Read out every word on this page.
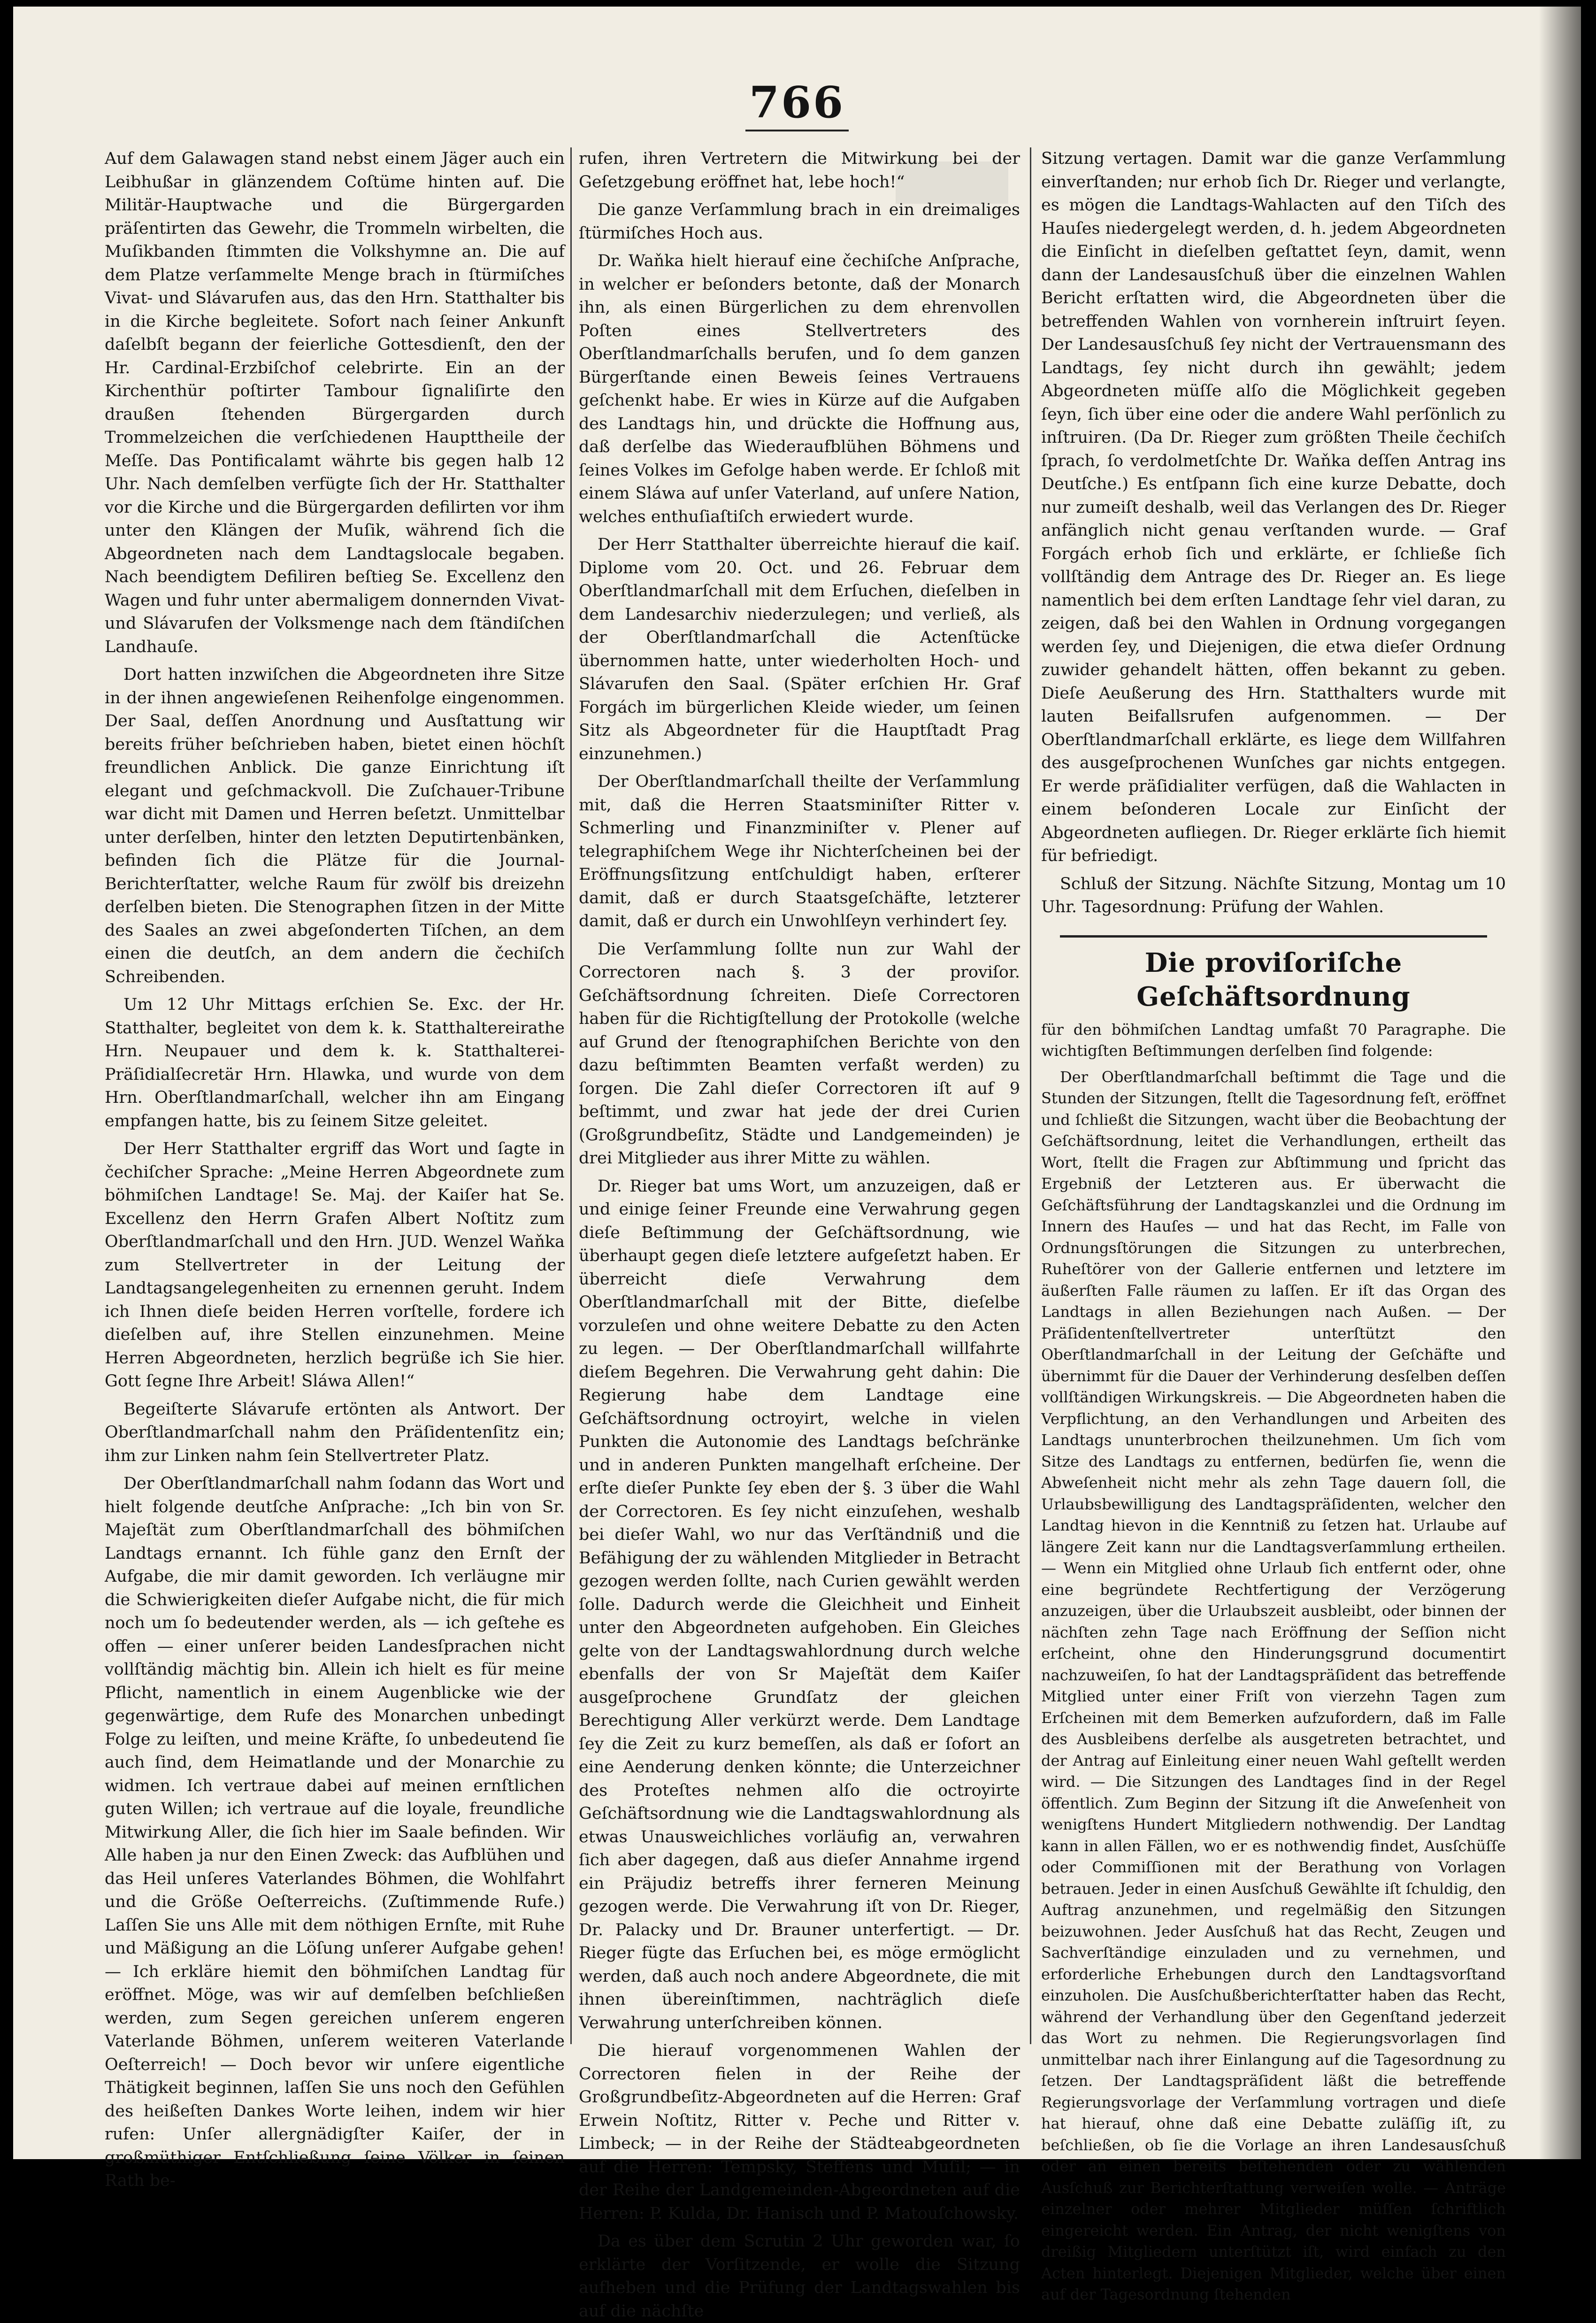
766

Auf dem Galawagen stand nebst einem Jäger auch ein Leibhußar in glänzendem Coſtüme hinten auf. Die Militär-Hauptwache und die Bürgergarden präſentirten das Gewehr, die Trommeln wirbelten, die Muſikbanden ſtimmten die Volkshymne an. Die auf dem Platze verſammelte Menge brach in ſtürmiſches Vivat- und Slávarufen aus, das den Hrn. Statthalter bis in die Kirche begleitete. Sofort nach ſeiner Ankunft daſelbſt begann der feierliche Gottesdienſt, den der Hr. Cardinal-Erzbiſchof celebrirte. Ein an der Kirchenthür poſtirter Tambour ſignaliſirte den draußen ſtehenden Bürgergarden durch Trommelzeichen die verſchiedenen Haupttheile der Meſſe. Das Pontificalamt währte bis gegen halb 12 Uhr. Nach demſelben verfügte ſich der Hr. Statthalter vor die Kirche und die Bürgergarden defilirten vor ihm unter den Klängen der Muſik, während ſich die Abgeordneten nach dem Landtagslocale begaben. Nach beendigtem Defiliren beſtieg Se. Excellenz den Wagen und fuhr unter abermaligem donnernden Vivat- und Slávarufen der Volksmenge nach dem ſtändiſchen Landhauſe.

Dort hatten inzwiſchen die Abgeordneten ihre Sitze in der ihnen angewieſenen Reihenfolge eingenommen. Der Saal, deſſen Anordnung und Ausſtattung wir bereits früher beſchrieben haben, bietet einen höchſt freundlichen Anblick. Die ganze Einrichtung iſt elegant und geſchmackvoll. Die Zuſchauer-Tribune war dicht mit Damen und Herren beſetzt. Unmittelbar unter derſelben, hinter den letzten Deputirtenbänken, befinden ſich die Plätze für die Journal-Berichterſtatter, welche Raum für zwölf bis dreizehn derſelben bieten. Die Stenographen ſitzen in der Mitte des Saales an zwei abgeſonderten Tiſchen, an dem einen die deutſch, an dem andern die čechiſch Schreibenden.

Um 12 Uhr Mittags erſchien Se. Exc. der Hr. Statthalter, begleitet von dem k. k. Statthaltereirathe Hrn. Neupauer und dem k. k. Statthalterei-Präſidialſecretär Hrn. Hlawka, und wurde von dem Hrn. Oberſtlandmarſchall, welcher ihn am Eingang empfangen hatte, bis zu ſeinem Sitze geleitet.

Der Herr Statthalter ergriff das Wort und ſagte in čechiſcher Sprache: „Meine Herren Abgeordnete zum böhmiſchen Landtage! Se. Maj. der Kaiſer hat Se. Excellenz den Herrn Grafen Albert Noſtitz zum Oberſtlandmarſchall und den Hrn. JUD. Wenzel Waňka zum Stellvertreter in der Leitung der Landtagsangelegenheiten zu ernennen geruht. Indem ich Ihnen dieſe beiden Herren vorſtelle, fordere ich dieſelben auf, ihre Stellen einzunehmen. Meine Herren Abgeordneten, herzlich begrüße ich Sie hier. Gott ſegne Ihre Arbeit! Sláwa Allen!“

Begeiſterte Slávarufe ertönten als Antwort. Der Oberſtlandmarſchall nahm den Präſidentenſitz ein; ihm zur Linken nahm ſein Stellvertreter Platz.

Der Oberſtlandmarſchall nahm ſodann das Wort und hielt folgende deutſche Anſprache: „Ich bin von Sr. Majeſtät zum Oberſtlandmarſchall des böhmiſchen Landtags ernannt. Ich fühle ganz den Ernſt der Aufgabe, die mir damit geworden. Ich verläugne mir die Schwierigkeiten dieſer Aufgabe nicht, die für mich noch um ſo bedeutender werden, als — ich geſtehe es offen — einer unſerer beiden Landesſprachen nicht vollſtändig mächtig bin. Allein ich hielt es für meine Pflicht, namentlich in einem Augenblicke wie der gegenwärtige, dem Rufe des Monarchen unbedingt Folge zu leiſten, und meine Kräfte, ſo unbedeutend ſie auch ſind, dem Heimatlande und der Monarchie zu widmen. Ich vertraue dabei auf meinen ernſtlichen guten Willen; ich vertraue auf die loyale, freundliche Mitwirkung Aller, die ſich hier im Saale befinden. Wir Alle haben ja nur den Einen Zweck: das Aufblühen und das Heil unſeres Vaterlandes Böhmen, die Wohlfahrt und die Größe Oeſterreichs. (Zuſtimmende Rufe.) Laſſen Sie uns Alle mit dem nöthigen Ernſte, mit Ruhe und Mäßigung an die Löſung unſerer Aufgabe gehen! — Ich erkläre hiemit den böhmiſchen Landtag für eröffnet. Möge, was wir auf demſelben beſchließen werden, zum Segen gereichen unſerem engeren Vaterlande Böhmen, unſerem weiteren Vaterlande Oeſterreich! — Doch bevor wir unſere eigentliche Thätigkeit beginnen, laſſen Sie uns noch den Gefühlen des heißeſten Dankes Worte leihen, indem wir hier rufen: Unſer allergnädigſter Kaiſer, der in großmüthiger Entſchließung ſeine Völker in ſeinen Rath be-

rufen, ihren Vertretern die Mitwirkung bei der Geſetzgebung eröffnet hat, lebe hoch!“

Die ganze Verſammlung brach in ein dreimaliges ſtürmiſches Hoch aus.

Dr. Waňka hielt hierauf eine čechiſche Anſprache, in welcher er beſonders betonte, daß der Monarch ihn, als einen Bürgerlichen zu dem ehrenvollen Poſten eines Stellvertreters des Oberſtlandmarſchalls berufen, und ſo dem ganzen Bürgerſtande einen Beweis ſeines Vertrauens geſchenkt habe. Er wies in Kürze auf die Aufgaben des Landtags hin, und drückte die Hoffnung aus, daß derſelbe das Wiederaufblühen Böhmens und ſeines Volkes im Gefolge haben werde. Er ſchloß mit einem Sláwa auf unſer Vaterland, auf unſere Nation, welches enthuſiaſtiſch erwiedert wurde.

Der Herr Statthalter überreichte hierauf die kaiſ. Diplome vom 20. Oct. und 26. Februar dem Oberſtlandmarſchall mit dem Erſuchen, dieſelben in dem Landesarchiv niederzulegen; und verließ, als der Oberſtlandmarſchall die Actenſtücke übernommen hatte, unter wiederholten Hoch- und Slávarufen den Saal. (Später erſchien Hr. Graf Forgách im bürgerlichen Kleide wieder, um ſeinen Sitz als Abgeordneter für die Hauptſtadt Prag einzunehmen.)

Der Oberſtlandmarſchall theilte der Verſammlung mit, daß die Herren Staatsminiſter Ritter v. Schmerling und Finanzminiſter v. Plener auf telegraphiſchem Wege ihr Nichterſcheinen bei der Eröffnungsſitzung entſchuldigt haben, erſterer damit, daß er durch Staatsgeſchäfte, letzterer damit, daß er durch ein Unwohlſeyn verhindert ſey.

Die Verſammlung ſollte nun zur Wahl der Correctoren nach §. 3 der proviſor. Geſchäftsordnung ſchreiten. Dieſe Correctoren haben für die Richtigſtellung der Protokolle (welche auf Grund der ſtenographiſchen Berichte von den dazu beſtimmten Beamten verfaßt werden) zu ſorgen. Die Zahl dieſer Correctoren iſt auf 9 beſtimmt, und zwar hat jede der drei Curien (Großgrundbeſitz, Städte und Landgemeinden) je drei Mitglieder aus ihrer Mitte zu wählen.

Dr. Rieger bat ums Wort, um anzuzeigen, daß er und einige ſeiner Freunde eine Verwahrung gegen dieſe Beſtimmung der Geſchäftsordnung, wie überhaupt gegen dieſe letztere aufgeſetzt haben. Er überreicht dieſe Verwahrung dem Oberſtlandmarſchall mit der Bitte, dieſelbe vorzuleſen und ohne weitere Debatte zu den Acten zu legen. — Der Oberſtlandmarſchall willfahrte dieſem Begehren. Die Verwahrung geht dahin: Die Regierung habe dem Landtage eine Geſchäftsordnung octroyirt, welche in vielen Punkten die Autonomie des Landtags beſchränke und in anderen Punkten mangelhaft erſcheine. Der erſte dieſer Punkte ſey eben der §. 3 über die Wahl der Correctoren. Es ſey nicht einzuſehen, weshalb bei dieſer Wahl, wo nur das Verſtändniß und die Befähigung der zu wählenden Mitglieder in Betracht gezogen werden ſollte, nach Curien gewählt werden ſolle. Dadurch werde die Gleichheit und Einheit unter den Abgeordneten aufgehoben. Ein Gleiches gelte von der Landtagswahlordnung durch welche ebenfalls der von Sr Majeſtät dem Kaiſer ausgeſprochene Grundſatz der gleichen Berechtigung Aller verkürzt werde. Dem Landtage ſey die Zeit zu kurz bemeſſen, als daß er ſofort an eine Aenderung denken könnte; die Unterzeichner des Proteſtes nehmen alſo die octroyirte Geſchäftsordnung wie die Landtagswahlordnung als etwas Unausweichliches vorläufig an, verwahren ſich aber dagegen, daß aus dieſer Annahme irgend ein Präjudiz betreffs ihrer ferneren Meinung gezogen werde. Die Verwahrung iſt von Dr. Rieger, Dr. Palacky und Dr. Brauner unterfertigt. — Dr. Rieger fügte das Erſuchen bei, es möge ermöglicht werden, daß auch noch andere Abgeordnete, die mit ihnen übereinſtimmen, nachträglich dieſe Verwahrung unterſchreiben können.

Die hierauf vorgenommenen Wahlen der Correctoren fielen in der Reihe der Großgrundbeſitz-Abgeordneten auf die Herren: Graf Erwein Noſtitz, Ritter v. Peche und Ritter v. Limbeck; — in der Reihe der Städteabgeordneten auf die Herren: Tempsky, Steffens und Muſil; — in der Reihe der Landgemeinden-Abgeordneten auf die Herren: P. Kulda, Dr. Hanisch und P. Matouſchowsky.

Da es über dem Scrutin 2 Uhr geworden war, ſo erklärte der Vorſitzende, er wolle die Sitzung aufheben und die Prüfung der Landtagswahlen bis auf die nächſte

Sitzung vertagen. Damit war die ganze Verſammlung einverſtanden; nur erhob ſich Dr. Rieger und verlangte, es mögen die Landtags-Wahlacten auf den Tiſch des Hauſes niedergelegt werden, d. h. jedem Abgeordneten die Einſicht in dieſelben geſtattet ſeyn, damit, wenn dann der Landesausſchuß über die einzelnen Wahlen Bericht erſtatten wird, die Abgeordneten über die betreffenden Wahlen von vornherein inſtruirt ſeyen. Der Landesausſchuß ſey nicht der Vertrauensmann des Landtags, ſey nicht durch ihn gewählt; jedem Abgeordneten müſſe alſo die Möglichkeit gegeben ſeyn, ſich über eine oder die andere Wahl perſönlich zu inſtruiren. (Da Dr. Rieger zum größten Theile čechiſch ſprach, ſo verdolmetſchte Dr. Waňka deſſen Antrag ins Deutſche.) Es entſpann ſich eine kurze Debatte, doch nur zumeiſt deshalb, weil das Verlangen des Dr. Rieger anfänglich nicht genau verſtanden wurde. — Graf Forgách erhob ſich und erklärte, er ſchließe ſich vollſtändig dem Antrage des Dr. Rieger an. Es liege namentlich bei dem erſten Landtage ſehr viel daran, zu zeigen, daß bei den Wahlen in Ordnung vorgegangen werden ſey, und Diejenigen, die etwa dieſer Ordnung zuwider gehandelt hätten, offen bekannt zu geben. Dieſe Aeußerung des Hrn. Statthalters wurde mit lauten Beifallsrufen aufgenommen. — Der Oberſtlandmarſchall erklärte, es liege dem Willfahren des ausgeſprochenen Wunſches gar nichts entgegen. Er werde präſidialiter verfügen, daß die Wahlacten in einem beſonderen Locale zur Einſicht der Abgeordneten aufliegen. Dr. Rieger erklärte ſich hiemit für befriedigt.

Schluß der Sitzung. Nächſte Sitzung, Montag um 10 Uhr. Tagesordnung: Prüfung der Wahlen.

Die proviſoriſche Geſchäftsordnung

für den böhmiſchen Landtag umfaßt 70 Paragraphe. Die wichtigſten Beſtimmungen derſelben ſind folgende:

Der Oberſtlandmarſchall beſtimmt die Tage und die Stunden der Sitzungen, ſtellt die Tagesordnung feſt, eröffnet und ſchließt die Sitzungen, wacht über die Beobachtung der Geſchäftsordnung, leitet die Verhandlungen, ertheilt das Wort, ſtellt die Fragen zur Abſtimmung und ſpricht das Ergebniß der Letzteren aus. Er überwacht die Geſchäftsführung der Landtagskanzlei und die Ordnung im Innern des Hauſes — und hat das Recht, im Falle von Ordnungsſtörungen die Sitzungen zu unterbrechen, Ruheſtörer von der Gallerie entfernen und letztere im äußerſten Falle räumen zu laſſen. Er iſt das Organ des Landtags in allen Beziehungen nach Außen. — Der Präſidentenſtellvertreter unterſtützt den Oberſtlandmarſchall in der Leitung der Geſchäfte und übernimmt für die Dauer der Verhinderung desſelben deſſen vollſtändigen Wirkungskreis. — Die Abgeordneten haben die Verpflichtung, an den Verhandlungen und Arbeiten des Landtags ununterbrochen theilzunehmen. Um ſich vom Sitze des Landtags zu entfernen, bedürfen ſie, wenn die Abweſenheit nicht mehr als zehn Tage dauern ſoll, die Urlaubsbewilligung des Landtagspräſidenten, welcher den Landtag hievon in die Kenntniß zu ſetzen hat. Urlaube auf längere Zeit kann nur die Landtagsverſammlung ertheilen. — Wenn ein Mitglied ohne Urlaub ſich entfernt oder, ohne eine begründete Rechtfertigung der Verzögerung anzuzeigen, über die Urlaubszeit ausbleibt, oder binnen der nächſten zehn Tage nach Eröffnung der Seſſion nicht erſcheint, ohne den Hinderungsgrund documentirt nachzuweiſen, ſo hat der Landtagspräſident das betreffende Mitglied unter einer Friſt von vierzehn Tagen zum Erſcheinen mit dem Bemerken aufzufordern, daß im Falle des Ausbleibens derſelbe als ausgetreten betrachtet, und der Antrag auf Einleitung einer neuen Wahl geſtellt werden wird. — Die Sitzungen des Landtages ſind in der Regel öffentlich. Zum Beginn der Sitzung iſt die Anweſenheit von wenigſtens Hundert Mitgliedern nothwendig. Der Landtag kann in allen Fällen, wo er es nothwendig findet, Ausſchüſſe oder Commiſſionen mit der Berathung von Vorlagen betrauen. Jeder in einen Ausſchuß Gewählte iſt ſchuldig, den Auftrag anzunehmen, und regelmäßig den Sitzungen beizuwohnen. Jeder Ausſchuß hat das Recht, Zeugen und Sachverſtändige einzuladen und zu vernehmen, und erforderliche Erhebungen durch den Landtagsvorſtand einzuholen. Die Ausſchußberichterſtatter haben das Recht, während der Verhandlung über den Gegenſtand jederzeit das Wort zu nehmen. Die Regierungsvorlagen ſind unmittelbar nach ihrer Einlangung auf die Tagesordnung zu ſetzen. Der Landtagspräſident läßt die betreffende Regierungsvorlage der Verſammlung vortragen und dieſe hat hierauf, ohne daß eine Debatte zuläſſig iſt, zu beſchließen, ob ſie die Vorlage an ihren Landesausſchuß oder an einen bereits beſtehenden oder zu wählenden Ausſchuß zur Berichterſtattung verweiſen wolle. — Anträge einzelner oder mehrer Mitglieder müſſen ſchriftlich eingereicht werden. Ein Antrag, der nicht wenigſtens von dreißig Mitgliedern unterſtützt iſt, wird einfach zu den Acten hinterlegt. Diejenigen Mitglieder, welche über einen auf der Tagesordnung ſtehenden
